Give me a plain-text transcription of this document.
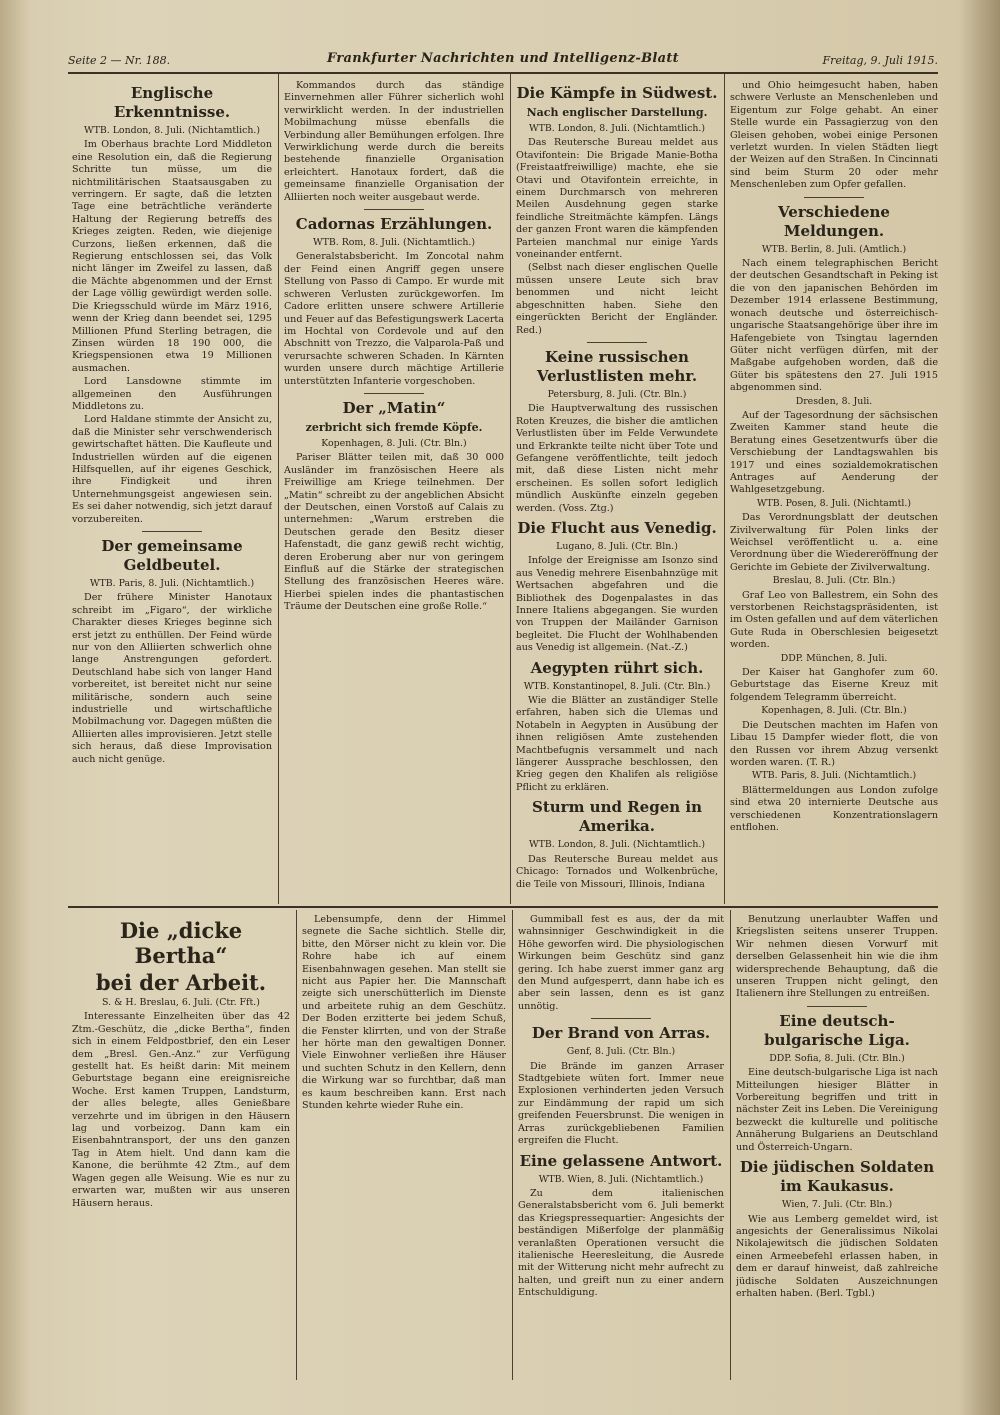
Seite 2 — Nr. 188.	Frankfurter Nachrichten und Intelligenz-Blatt	Freitag, 9. Juli 1915.
Englische Erkenntnisse.
WTB. London, 8. Juli. (Nichtamtlich.)

Im Oberhaus brachte Lord Middleton eine Resolution ein, daß die Regierung Schritte tun müsse, um die nichtmilitärischen Staatsausgaben zu verringern. Er sagte, daß die letzten Tage eine beträchtliche veränderte Haltung der Regierung betreffs des Krieges zeigten. Reden, wie diejenige Curzons, ließen erkennen, daß die Regierung entschlossen sei, das Volk nicht länger im Zweifel zu lassen, daß die Mächte abgenommen und der Ernst der Lage völlig gewürdigt werden solle. Die Kriegsschuld würde im März 1916, wenn der Krieg dann beendet sei, 1295 Millionen Pfund Sterling betragen, die Zinsen würden 18 190 000, die Kriegspensionen etwa 19 Millionen ausmachen.

Lord Lansdowne stimmte im allgemeinen den Ausführungen Middletons zu.

Lord Haldane stimmte der Ansicht zu, daß die Minister sehr verschwenderisch gewirtschaftet hätten. Die Kaufleute und Industriellen würden auf die eigenen Hilfsquellen, auf ihr eigenes Geschick, ihre Findigkeit und ihren Unternehmungsgeist angewiesen sein. Es sei daher notwendig, sich jetzt darauf vorzubereiten.

Der gemeinsame Geldbeutel.
WTB. Paris, 8. Juli. (Nichtamtlich.)

Der frühere Minister Hanotaux schreibt im „Figaro“, der wirkliche Charakter dieses Krieges beginne sich erst jetzt zu enthüllen. Der Feind würde nur von den Alliierten schwerlich ohne lange Anstrengungen gefordert. Deutschland habe sich von langer Hand vorbereitet, ist bereitet nicht nur seine militärische, sondern auch seine industrielle und wirtschaftliche Mobilmachung vor. Dagegen müßten die Alliierten alles improvisieren. Jetzt stelle sich heraus, daß diese Improvisation auch nicht genüge.

Kommandos durch das ständige Einvernehmen aller Führer sicherlich wohl verwirklicht werden. In der industriellen Mobilmachung müsse ebenfalls die Verbindung aller Bemühungen erfolgen. Ihre Verwirklichung werde durch die bereits bestehende finanzielle Organisation erleichtert. Hanotaux fordert, daß die gemeinsame finanzielle Organisation der Alliierten noch weiter ausgebaut werde.

Cadornas Erzählungen.
WTB. Rom, 8. Juli. (Nichtamtlich.)

Generalstabsbericht. Im Zoncotal nahm der Feind einen Angriff gegen unsere Stellung von Passo di Campo. Er wurde mit schweren Verlusten zurückgeworfen. Im Cadore erlitten unsere schwere Artillerie und Feuer auf das Befestigungswerk Lacerta im Hochtal von Cordevole und auf den Abschnitt von Trezzo, die Valparola-Paß und verursachte schweren Schaden. In Kärnten wurden unsere durch mächtige Artillerie unterstützten Infanterie vorgeschoben.

Der „Matin“
zerbricht sich fremde Köpfe.
Kopenhagen, 8. Juli. (Ctr. Bln.)

Pariser Blätter teilen mit, daß 30 000 Ausländer im französischen Heere als Freiwillige am Kriege teilnehmen. Der „Matin“ schreibt zu der angeblichen Absicht der Deutschen, einen Vorstoß auf Calais zu unternehmen: „Warum erstreben die Deutschen gerade den Besitz dieser Hafenstadt, die ganz gewiß recht wichtig, deren Eroberung aber nur von geringem Einfluß auf die Stärke der strategischen Stellung des französischen Heeres wäre. Hierbei spielen indes die phantastischen Träume der Deutschen eine große Rolle.“

Die Kämpfe in Südwest.
Nach englischer Darstellung.
WTB. London, 8. Juli. (Nichtamtlich.)

Das Reutersche Bureau meldet aus Otavifontein: Die Brigade Manie-Botha (Freistaatfreiwillige) machte, ehe sie Otavi und Otavifontein erreichte, in einem Durchmarsch von mehreren Meilen Ausdehnung gegen starke feindliche Streitmächte kämpfen. Längs der ganzen Front waren die kämpfenden Parteien manchmal nur einige Yards voneinander entfernt.

(Selbst nach dieser englischen Quelle müssen unsere Leute sich brav benommen und nicht leicht abgeschnitten haben. Siehe den eingerückten Bericht der Engländer. Red.)

Keine russischen Verlustlisten mehr.
Petersburg, 8. Juli. (Ctr. Bln.)

Die Hauptverwaltung des russischen Roten Kreuzes, die bisher die amtlichen Verlustlisten über im Felde Verwundete und Erkrankte teilte nicht über Tote und Gefangene veröffentlichte, teilt jedoch mit, daß diese Listen nicht mehr erscheinen. Es sollen sofort lediglich mündlich Auskünfte einzeln gegeben werden. (Voss. Ztg.)

Die Flucht aus Venedig.
Lugano, 8. Juli. (Ctr. Bln.)

Infolge der Ereignisse am Isonzo sind aus Venedig mehrere Eisenbahnzüge mit Wertsachen abgefahren und die Bibliothek des Dogenpalastes in das Innere Italiens abgegangen. Sie wurden von Truppen der Mailänder Garnison begleitet. Die Flucht der Wohlhabenden aus Venedig ist allgemein. (Nat.-Z.)

Aegypten rührt sich.
WTB. Konstantinopel, 8. Juli. (Ctr. Bln.)

Wie die Blätter an zuständiger Stelle erfahren, haben sich die Ulemas und Notabeln in Aegypten in Ausübung der ihnen religiösen Amte zustehenden Machtbefugnis versammelt und nach längerer Aussprache beschlossen, den Krieg gegen den Khalifen als religiöse Pflicht zu erklären.

Sturm und Regen in Amerika.
WTB. London, 8. Juli. (Nichtamtlich.)

Das Reutersche Bureau meldet aus Chicago: Tornados und Wolkenbrüche, die Teile von Missouri, Illinois, Indiana

und Ohio heimgesucht haben, haben schwere Verluste an Menschenleben und Eigentum zur Folge gehabt. An einer Stelle wurde ein Passagierzug von den Gleisen gehoben, wobei einige Personen verletzt wurden. In vielen Städten liegt der Weizen auf den Straßen. In Cincinnati sind beim Sturm 20 oder mehr Menschenleben zum Opfer gefallen.

Verschiedene Meldungen.
WTB. Berlin, 8. Juli. (Amtlich.)

Nach einem telegraphischen Bericht der deutschen Gesandtschaft in Peking ist die von den japanischen Behörden im Dezember 1914 erlassene Bestimmung, wonach deutsche und österreichisch-ungarische Staatsangehörige über ihre im Hafengebiete von Tsingtau lagernden Güter nicht verfügen dürfen, mit der Maßgabe aufgehoben worden, daß die Güter bis spätestens den 27. Juli 1915 abgenommen sind.

Dresden, 8. Juli.

Auf der Tagesordnung der sächsischen Zweiten Kammer stand heute die Beratung eines Gesetzentwurfs über die Verschiebung der Landtagswahlen bis 1917 und eines sozialdemokratischen Antrages auf Aenderung der Wahlgesetzgebung.

WTB. Posen, 8. Juli. (Nichtamtl.)

Das Verordnungsblatt der deutschen Zivilverwaltung für Polen links der Weichsel veröffentlicht u. a. eine Verordnung über die Wiedereröffnung der Gerichte im Gebiete der Zivilverwaltung.

Breslau, 8. Juli. (Ctr. Bln.)

Graf Leo von Ballestrem, ein Sohn des verstorbenen Reichstagspräsidenten, ist im Osten gefallen und auf dem väterlichen Gute Ruda in Oberschlesien beigesetzt worden.

DDP. München, 8. Juli.

Der Kaiser hat Ganghofer zum 60. Geburtstage das Eiserne Kreuz mit folgendem Telegramm überreicht.

Kopenhagen, 8. Juli. (Ctr. Bln.)

Die Deutschen machten im Hafen von Libau 15 Dampfer wieder flott, die von den Russen vor ihrem Abzug versenkt worden waren. (T. R.)

WTB. Paris, 8. Juli. (Nichtamtlich.)

Blättermeldungen aus London zufolge sind etwa 20 internierte Deutsche aus verschiedenen Konzentrationslagern entflohen.

Die „dicke Bertha“
bei der Arbeit.
S. & H. Breslau, 6. Juli. (Ctr. Fft.)

Interessante Einzelheiten über das 42 Ztm.-Geschütz, die „dicke Bertha“, finden sich in einem Feldpostbrief, den ein Leser dem „Bresl. Gen.-Anz.“ zur Verfügung gestellt hat. Es heißt darin: Mit meinem Geburtstage begann eine ereignisreiche Woche. Erst kamen Truppen, Landsturm, der alles belegte, alles Genießbare verzehrte und im übrigen in den Häusern lag und vorbeizog. Dann kam ein Eisenbahntransport, der uns den ganzen Tag in Atem hielt. Und dann kam die Kanone, die berühmte 42 Ztm., auf dem Wagen gegen alle Weisung. Wie es nur zu erwarten war, mußten wir aus unseren Häusern heraus.

Lebensumpfe, denn der Himmel segnete die Sache sichtlich. Stelle dir, bitte, den Mörser nicht zu klein vor. Die Rohre habe ich auf einem Eisenbahnwagen gesehen. Man stellt sie nicht aus Papier her. Die Mannschaft zeigte sich unerschütterlich im Dienste und arbeitete ruhig an dem Geschütz. Der Boden erzitterte bei jedem Schuß, die Fenster klirrten, und von der Straße her hörte man den gewaltigen Donner. Viele Einwohner verließen ihre Häuser und suchten Schutz in den Kellern, denn die Wirkung war so furchtbar, daß man es kaum beschreiben kann. Erst nach Stunden kehrte wieder Ruhe ein.

Gummiball fest es aus, der da mit wahnsinniger Geschwindigkeit in die Höhe geworfen wird. Die physiologischen Wirkungen beim Geschütz sind ganz gering. Ich habe zuerst immer ganz arg den Mund aufgesperrt, dann habe ich es aber sein lassen, denn es ist ganz unnötig.

Der Brand von Arras.
Genf, 8. Juli. (Ctr. Bln.)

Die Brände im ganzen Arraser Stadtgebiete wüten fort. Immer neue Explosionen verhinderten jeden Versuch zur Eindämmung der rapid um sich greifenden Feuersbrunst. Die wenigen in Arras zurückgebliebenen Familien ergreifen die Flucht.

Eine gelassene Antwort.
WTB. Wien, 8. Juli. (Nichtamtlich.)

Zu dem italienischen Generalstabsbericht vom 6. Juli bemerkt das Kriegspressequartier: Angesichts der beständigen Mißerfolge der planmäßig veranlaßten Operationen versucht die italienische Heeresleitung, die Ausrede mit der Witterung nicht mehr aufrecht zu halten, und greift nun zu einer andern Entschuldigung.

Benutzung unerlaubter Waffen und Kriegslisten seitens unserer Truppen. Wir nehmen diesen Vorwurf mit derselben Gelassenheit hin wie die ihm widersprechende Behauptung, daß die unseren Truppen nicht gelingt, den Italienern ihre Stellungen zu entreißen.

Eine deutsch-bulgarische Liga.
DDP. Sofia, 8. Juli. (Ctr. Bln.)

Eine deutsch-bulgarische Liga ist nach Mitteilungen hiesiger Blätter in Vorbereitung begriffen und tritt in nächster Zeit ins Leben. Die Vereinigung bezweckt die kulturelle und politische Annäherung Bulgariens an Deutschland und Österreich-Ungarn.

Die jüdischen Soldaten im Kaukasus.
Wien, 7. Juli. (Ctr. Bln.)

Wie aus Lemberg gemeldet wird, ist angesichts der Generalissimus Nikolai Nikolajewitsch die jüdischen Soldaten einen Armeebefehl erlassen haben, in dem er darauf hinweist, daß zahlreiche jüdische Soldaten Auszeichnungen erhalten haben. (Berl. Tgbl.)
